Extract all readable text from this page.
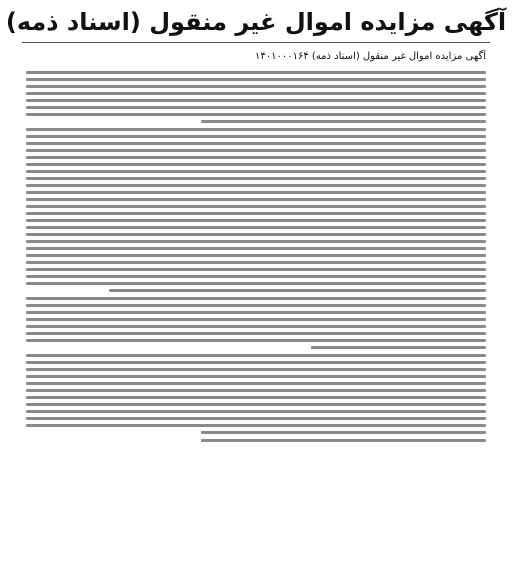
آگهی مزایده اموال غیر منقول (اسناد ذمه)
آگهی مزایده اموال غیر منقول (اسناد ذمه) ۱۴۰۱۰۰۰۱۶۴
